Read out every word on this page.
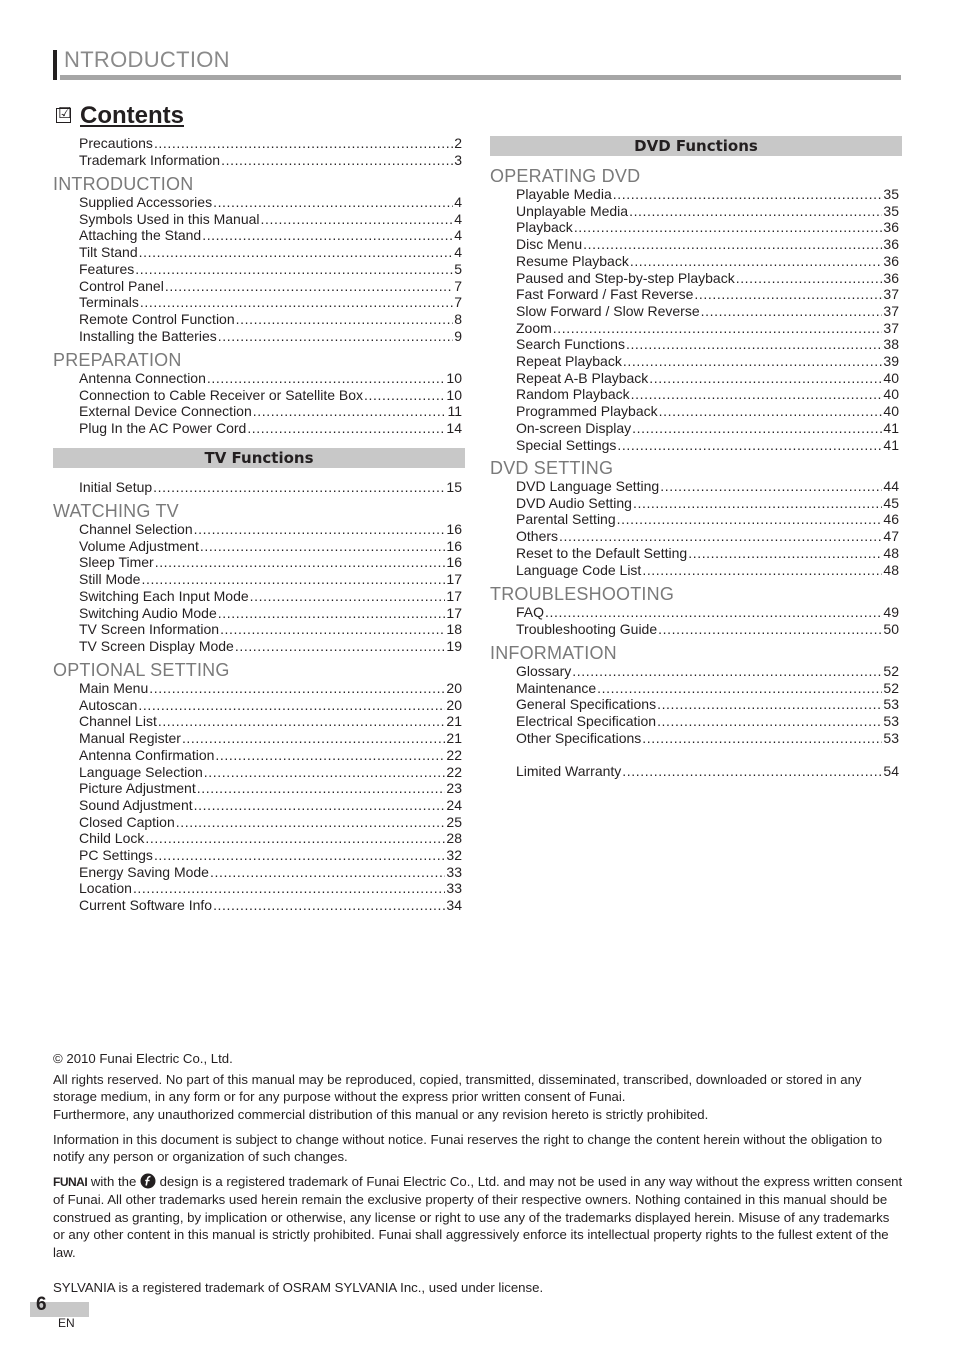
NTRODUCTION
☑ Contents
Precautions .....	2
Trademark Information .....	3
INTRODUCTION
Supplied Accessories .....	4
Symbols Used in this Manual .....	4
Attaching the Stand .....	4
Tilt Stand .....	4
Features .....	5
Control Panel .....	7
Terminals .....	7
Remote Control Function .....	8
Installing the Batteries .....	9
PREPARATION
Antenna Connection .....	10
Connection to Cable Receiver or Satellite Box .....	10
External Device Connection .....	11
Plug In the AC Power Cord .....	14
TV Functions
Initial Setup .....	15
WATCHING TV
Channel Selection .....	16
Volume Adjustment .....	16
Sleep Timer .....	16
Still Mode .....	17
Switching Each Input Mode .....	17
Switching Audio Mode .....	17
TV Screen Information .....	18
TV Screen Display Mode .....	19
OPTIONAL SETTING
Main Menu .....	20
Autoscan .....	20
Channel List .....	21
Manual Register .....	21
Antenna Confirmation .....	22
Language Selection .....	22
Picture Adjustment .....	23
Sound Adjustment .....	24
Closed Caption .....	25
Child Lock .....	28
PC Settings .....	32
Energy Saving Mode .....	33
Location .....	33
Current Software Info .....	34
DVD Functions
OPERATING DVD
Playable Media .....	35
Unplayable Media .....	35
Playback .....	36
Disc Menu .....	36
Resume Playback .....	36
Paused and Step-by-step Playback .....	36
Fast Forward / Fast Reverse .....	37
Slow Forward / Slow Reverse .....	37
Zoom .....	37
Search Functions .....	38
Repeat Playback .....	39
Repeat A-B Playback .....	40
Random Playback .....	40
Programmed Playback .....	40
On-screen Display .....	41
Special Settings .....	41
DVD SETTING
DVD Language Setting .....	44
DVD Audio Setting .....	45
Parental Setting .....	46
Others .....	47
Reset to the Default Setting .....	48
Language Code List .....	48
TROUBLESHOOTING
FAQ .....	49
Troubleshooting Guide .....	50
INFORMATION
Glossary .....	52
Maintenance .....	52
General Specifications .....	53
Electrical Specification .....	53
Other Specifications .....	53
Limited Warranty .....	54

© 2010 Funai Electric Co., Ltd.

All rights reserved. No part of this manual may be reproduced, copied, transmitted, disseminated, transcribed, downloaded or stored in any storage medium, in any form or for any purpose without the express prior written consent of Funai.

Furthermore, any unauthorized commercial distribution of this manual or any revision hereto is strictly prohibited.

Information in this document is subject to change without notice. Funai reserves the right to change the content herein without the obligation to notify any person or organization of such changes.

FUNAI with the  design is a registered trademark of Funai Electric Co., Ltd. and may not be used in any way without the express written consent of Funai. All other trademarks used herein remain the exclusive property of their respective owners. Nothing contained in this manual should be construed as granting, by implication or otherwise, any license or right to use any of the trademarks displayed herein. Misuse of any trademarks or any other content in this manual is strictly prohibited. Funai shall aggressively enforce its intellectual property rights to the fullest extent of the law.

SYLVANIA is a registered trademark of OSRAM SYLVANIA Inc., used under license.

6
EN
